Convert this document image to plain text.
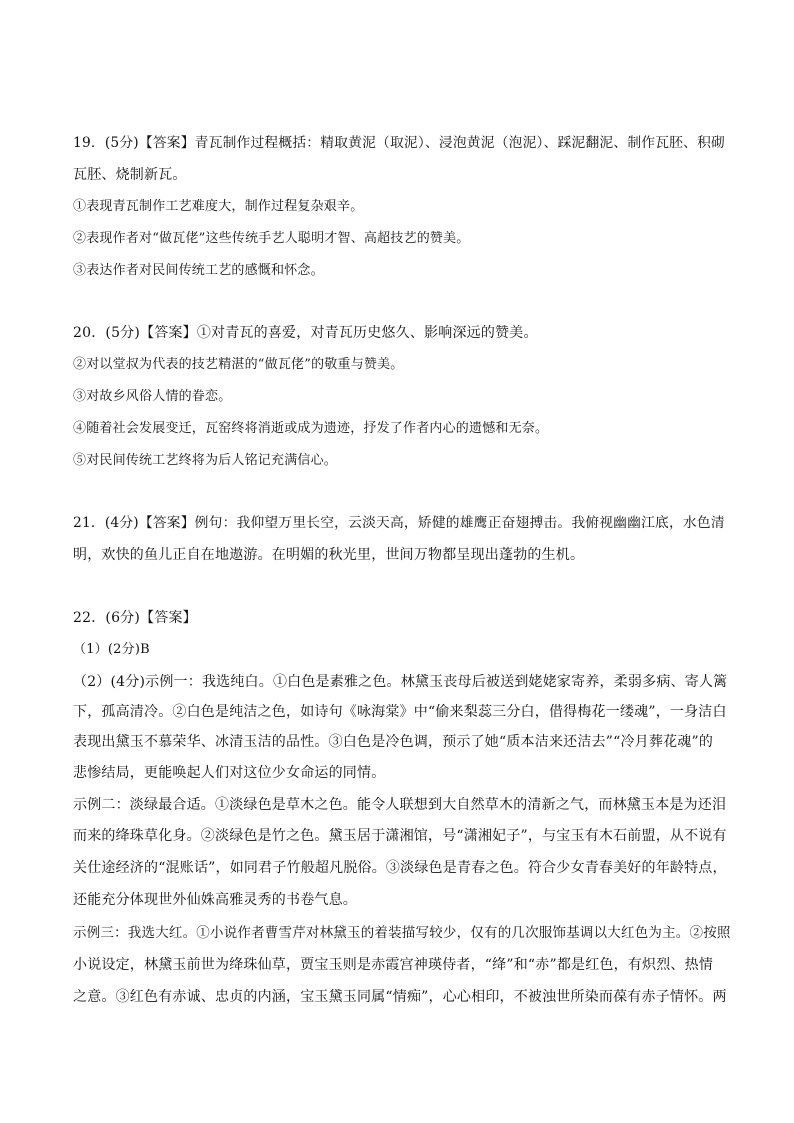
19．(5分)【答案】青瓦制作过程概括：精取黄泥（取泥）、浸泡黄泥（泡泥）、踩泥翻泥、制作瓦胚、积砌
瓦胚、烧制新瓦。
①表现青瓦制作工艺难度大，制作过程复杂艰辛。
②表现作者对“做瓦佬”这些传统手艺人聪明才智、高超技艺的赞美。
③表达作者对民间传统工艺的感慨和怀念。
20．(5分)【答案】①对青瓦的喜爱，对青瓦历史悠久、影响深远的赞美。
②对以堂叔为代表的技艺精湛的“做瓦佬”的敬重与赞美。
③对故乡风俗人情的眷恋。
④随着社会发展变迁，瓦窑终将消逝或成为遗迹，抒发了作者内心的遗憾和无奈。
⑤对民间传统工艺终将为后人铭记充满信心。
21．(4分)【答案】例句：我仰望万里长空，云淡天高，矫健的雄鹰正奋翅搏击。我俯视幽幽江底，水色清
明，欢快的鱼儿正自在地遨游。在明媚的秋光里，世间万物都呈现出蓬勃的生机。
22．(6分)【答案】
（1）(2分)B
（2）(4分)示例一：我选纯白。①白色是素雅之色。林黛玉丧母后被送到姥姥家寄养，柔弱多病、寄人篱
下，孤高清冷。②白色是纯洁之色，如诗句《咏海棠》中“偷来梨蕊三分白，借得梅花一缕魂”，一身洁白
表现出黛玉不慕荣华、冰清玉洁的品性。③白色是冷色调，预示了她“质本洁来还洁去”“冷月葬花魂”的
悲惨结局，更能唤起人们对这位少女命运的同情。
示例二：淡绿最合适。①淡绿色是草木之色。能令人联想到大自然草木的清新之气，而林黛玉本是为还泪
而来的绛珠草化身。②淡绿色是竹之色。黛玉居于潇湘馆，号“潇湘妃子”，与宝玉有木石前盟，从不说有
关仕途经济的“混账话”，如同君子竹般超凡脱俗。③淡绿色是青春之色。符合少女青春美好的年龄特点，
还能充分体现世外仙姝高雅灵秀的书卷气息。
示例三：我选大红。①小说作者曹雪芹对林黛玉的着装描写较少，仅有的几次服饰基调以大红色为主。②按照
小说设定，林黛玉前世为绛珠仙草，贾宝玉则是赤霞宫神瑛侍者，“绛”和“赤”都是红色，有炽烈、热情
之意。③红色有赤诚、忠贞的内涵，宝玉黛玉同属“情痴”，心心相印，不被浊世所染而葆有赤子情怀。两
